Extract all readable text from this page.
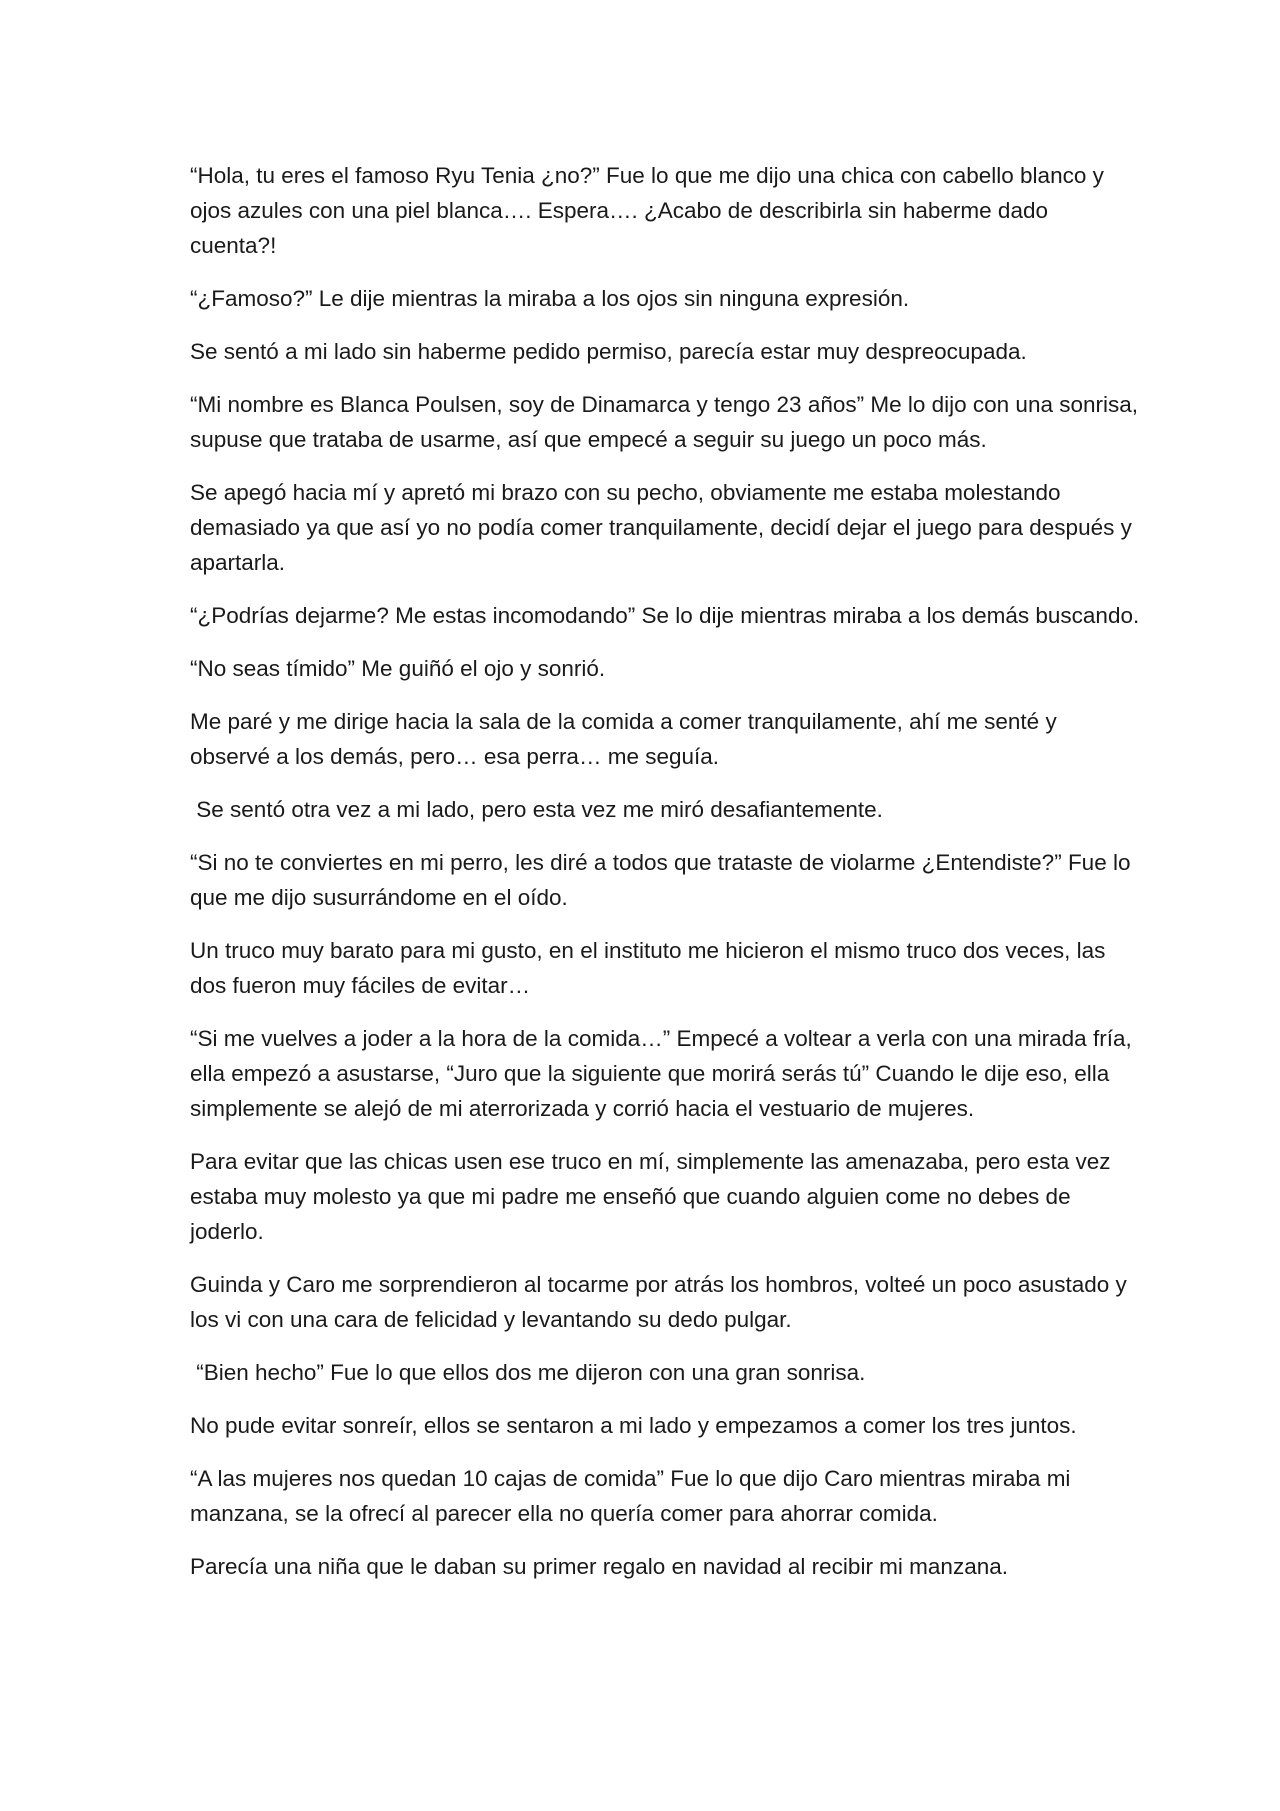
“Hola, tu eres el famoso Ryu Tenia ¿no?” Fue lo que me dijo una chica con cabello blanco y ojos azules con una piel blanca…. Espera…. ¿Acabo de describirla sin haberme dado cuenta?!

“¿Famoso?” Le dije mientras la miraba a los ojos sin ninguna expresión.

Se sentó a mi lado sin haberme pedido permiso, parecía estar muy despreocupada.

“Mi nombre es Blanca Poulsen, soy de Dinamarca y tengo 23 años” Me lo dijo con una sonrisa, supuse que trataba de usarme, así que empecé a seguir su juego un poco más.

Se apegó hacia mí y apretó mi brazo con su pecho, obviamente me estaba molestando demasiado ya que así yo no podía comer tranquilamente, decidí dejar el juego para después y apartarla.

“¿Podrías dejarme? Me estas incomodando” Se lo dije mientras miraba a los demás buscando.

“No seas tímido” Me guiñó el ojo y sonrió.

Me paré y me dirige hacia la sala de la comida a comer tranquilamente, ahí me senté y observé a los demás, pero… esa perra… me seguía.

Se sentó otra vez a mi lado, pero esta vez me miró desafiantemente.

“Si no te conviertes en mi perro, les diré a todos que trataste de violarme ¿Entendiste?” Fue lo que me dijo susurrándome en el oído.

Un truco muy barato para mi gusto, en el instituto me hicieron el mismo truco dos veces, las dos fueron muy fáciles de evitar…

“Si me vuelves a joder a la hora de la comida…” Empecé a voltear a verla con una mirada fría, ella empezó a asustarse, “Juro que la siguiente que morirá serás tú” Cuando le dije eso, ella simplemente se alejó de mi aterrorizada y corrió hacia el vestuario de mujeres.

Para evitar que las chicas usen ese truco en mí, simplemente las amenazaba, pero esta vez estaba muy molesto ya que mi padre me enseñó que cuando alguien come no debes de joderlo.

Guinda y Caro me sorprendieron al tocarme por atrás los hombros, volteé un poco asustado y los vi con una cara de felicidad y levantando su dedo pulgar.

“Bien hecho” Fue lo que ellos dos me dijeron con una gran sonrisa.

No pude evitar sonreír, ellos se sentaron a mi lado y empezamos a comer los tres juntos.

“A las mujeres nos quedan 10 cajas de comida” Fue lo que dijo Caro mientras miraba mi manzana, se la ofrecí al parecer ella no quería comer para ahorrar comida.

Parecía una niña que le daban su primer regalo en navidad al recibir mi manzana.
